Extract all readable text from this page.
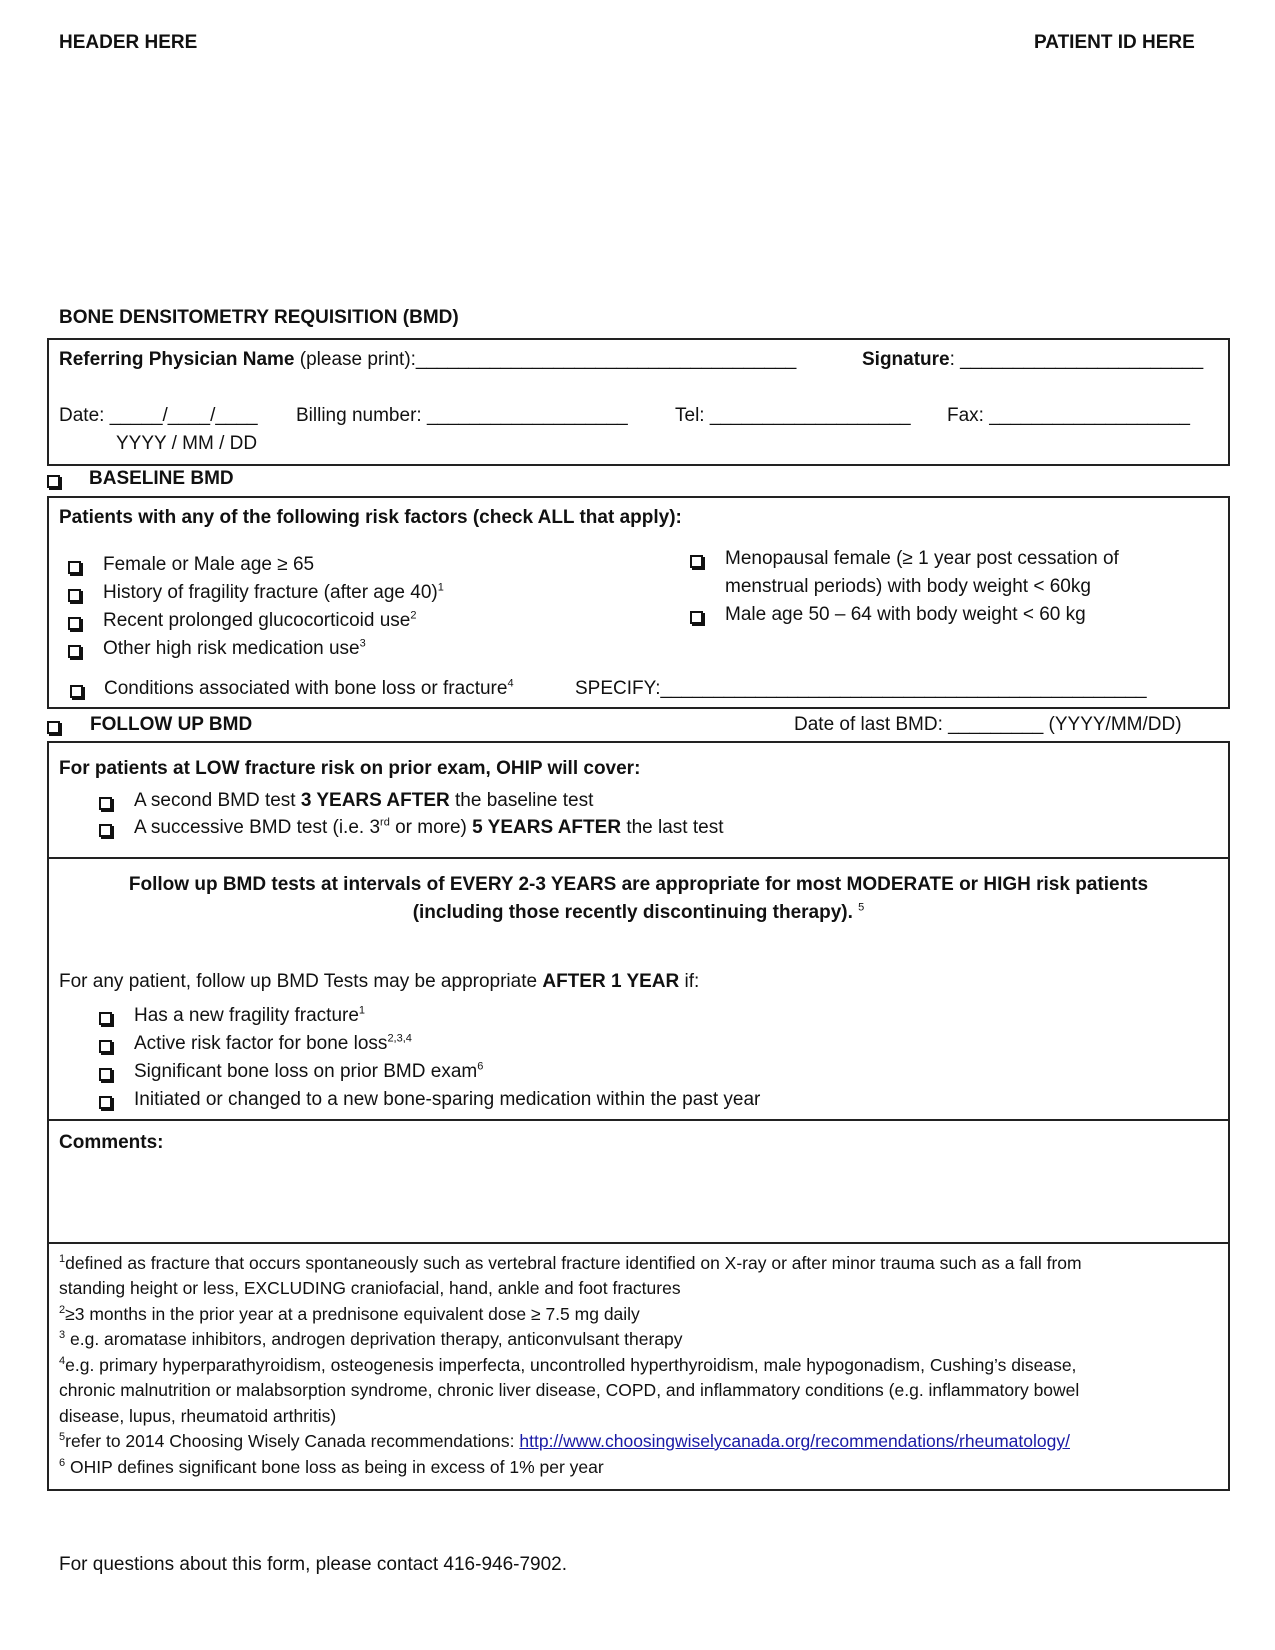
HEADER HERE	PATIENT ID HERE
BONE DENSITOMETRY REQUISITION (BMD)
Referring Physician Name (please print):____________________________________	Signature: _______________________
Date: _____/____/____
YYYY / MM / DD
Billing number: ___________________ Tel: ___________________ Fax: ___________________
BASELINE BMD
Patients with any of the following risk factors (check ALL that apply):
Female or Male age ≥ 65
History of fragility fracture (after age 40)$^1$
Recent prolonged glucocorticoid use$^2$
Other high risk medication use$^3$
Menopausal female (≥ 1 year post cessation of
menstrual periods) with body weight < 60kg
Male age 50 – 64 with body weight < 60 kg
Conditions associated with bone loss or fracture$^4$	SPECIFY:______________________________________________
FOLLOW UP BMD	Date of last BMD: _________ (YYYY/MM/DD)
For patients at LOW fracture risk on prior exam, OHIP will cover:
A second BMD test 3 YEARS AFTER the baseline test
A successive BMD test (i.e. 3rd or more) 5 YEARS AFTER the last test
Follow up BMD tests at intervals of EVERY 2-3 YEARS are appropriate for most MODERATE or HIGH risk patients
(including those recently discontinuing therapy). $^5$
For any patient, follow up BMD Tests may be appropriate AFTER 1 YEAR if:
Has a new fragility fracture$^1$
Active risk factor for bone loss$^{2,3,4}$
Significant bone loss on prior BMD exam$^6$
Initiated or changed to a new bone-sparing medication within the past year
Comments:
$^1$defined as fracture that occurs spontaneously such as vertebral fracture identified on X-ray or after minor trauma such as a fall from
standing height or less, EXCLUDING craniofacial, hand, ankle and foot fractures
$^2$≥3 months in the prior year at a prednisone equivalent dose ≥ 7.5 mg daily
$^3$ e.g. aromatase inhibitors, androgen deprivation therapy, anticonvulsant therapy
$^4$e.g. primary hyperparathyroidism, osteogenesis imperfecta, uncontrolled hyperthyroidism, male hypogonadism, Cushing’s disease,
chronic malnutrition or malabsorption syndrome, chronic liver disease, COPD, and inflammatory conditions (e.g. inflammatory bowel
disease, lupus, rheumatoid arthritis)
$^5$refer to 2014 Choosing Wisely Canada recommendations: http://www.choosingwiselycanada.org/recommendations/rheumatology/
$^6$ OHIP defines significant bone loss as being in excess of 1% per year
For questions about this form, please contact 416-946-7902.
